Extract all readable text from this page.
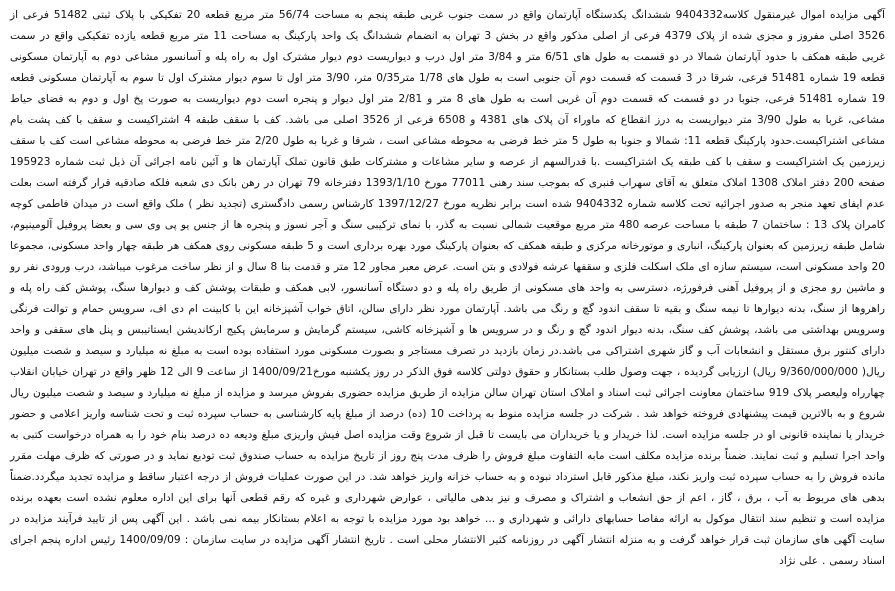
آگهی مزایده اموال غیرمنقول کلاسه9404332 ششدانگ یکدستگاه آپارتمان واقع در سمت جنوب غربی طبقه پنجم به مساحت 56/74 متر مربع قطعه 20 تفکیکی با پلاک ثبتی 51482 فرعی از 3526 اصلی مفروز و مجزی شده از پلاک 4379 فرعی از اصلی مذکور واقع در بخش 3 تهران به انضمام ششدانگ یک واحد پارکینگ به مساحت 11 متر مربع قطعه یازده تفکیکی واقع در سمت غربی طبقه همکف با حدود آپارتمان شمالا در دو قسمت به طول های 6/51 متر و 3/84 متر اول درب و دیواریست دوم دیوار مشترک اول به راه پله و آسانسور مشاعی دوم به آپارتمان مسکونی قطعه 19 شماره 51481 فرعی، شرقا در 3 قسمت که قسمت دوم آن جنوبی است به طول های 1/78 متر0/35 متر، 3/90 متر اول تا سوم دیوار مشترک اول تا سوم به آپارتمان مسکونی قطعه 19 شماره 51481 فرعی، جنوبا در دو قسمت که قسمت دوم آن غربی است به طول های 8 متر و 2/81 متر اول دیوار و پنجره است دوم دیواریست به صورت پخ اول و دوم به فضای حیاط مشاعی، غربا به طول 3/90 متر دیواریست به درز انقطاع که ماوراء آن پلاک های 4381 و 6508 فرعی از 3526 اصلی می باشد. کف با سقف طبقه 4 اشتراکیست و سقف با کف پشت بام مشاعی اشتراکیست.حدود پارکینگ قطعه 11: شمالا و جنوبا به طول 5 متر خط فرضی به محوطه مشاعی است ، شرقا و غربا به طول 2/20 متر خط فرضی به محوطه مشاعی است کف با سقف زیرزمین یک اشتراکیست و سقف با کف طبقه یک اشتراکیست .با قدرالسهم از عرصه و سایر مشاعات و مشترکات طبق قانون تملک آپارتمان ها و آئین نامه اجرائی آن ذیل ثبت شماره 195923 صفحه 200 دفتر املاک 1308 املاک متعلق به آقای سهراب قنبری که بموجب سند رهنی 77011 مورخ 1393/1/10 دفترخانه 79 تهران در رهن بانک دی شعبه فلکه صادقیه قرار گرفته است بعلت عدم ایفای تعهد منجر به صدور اجرائیه تحت کلاسه شماره 9404332 شده است برابر نظریه مورخ 1397/12/27 کارشناس رسمی دادگستری (تجدید نظر ) ملک واقع است در میدان فاطمی کوچه کامران پلاک 13 : ساختمان 7 طبقه با مساحت عرصه 480 متر مربع موقعیت شمالی نسبت به گذر، با نمای ترکیبی سنگ و آجر نسوز و پنجره ها از جنس یو پی وی سی و بعضا پروفیل آلومینیوم، شامل طبقه زیرزمین که بعنوان پارکینگ، انباری و موتورخانه مرکزی و طبقه همکف که بعنوان پارکینگ مورد بهره برداری است و 5 طبقه مسکونی روی همکف هر طبقه چهار واحد مسکونی، مجموعا 20 واحد مسکونی است، سیستم سازه ای ملک اسکلت فلزی و سقفها عرشه فولادی و بتن است. عرض معبر مجاور 12 متر و قدمت بنا 8 سال و از نظر ساخت مرغوب میباشد، درب ورودی نفر رو و ماشین رو مجزی و از پروفیل آهنی فرفورژه، دسترسی به واحد های مسکونی از طریق راه پله و دو دستگاه آسانسور، لابی همکف و طبقات پوشش کف و دیوارها سنگ، پوشش کف راه پله و راهروها از سنگ، بدنه دیوارها تا نیمه سنگ و بقیه تا سقف اندود گچ و رنگ می باشد. آپارتمان مورد نظر دارای سالن، اتاق خواب آشپزخانه این با کابینت ام دی اف، سرویس حمام و توالت فرنگی وسرویس بهداشتی می باشد، پوشش کف سنگ، بدنه دیوار اندود گچ و رنگ و در سرویس ها و آشپزخانه کاشی، سیستم گرمایش و سرمایش پکیج ارکاندیشن ایستاتیبس و پنل های سقفی و واحد دارای کنتور برق مستقل و انشعابات آب و گاز شهری اشتراکی می باشد.در زمان بازدید در تصرف مستاجر و بصورت مسکونی مورد استفاده بوده است به مبلغ نه میلیارد و سیصد و شصت میلیون ریال( 9/360/000/000 ریال) ارزیابی گردیده ، جهت وصول طلب بستانکار و حقوق دولتی کلاسه فوق الذکر در روز یکشنبه مورخ1400/09/21 از ساعت 9 الی 12 ظهر واقع در تهران خیابان انقلاب چهارراه ولیعصر پلاک 919 ساختمان معاونت اجرائی ثبت اسناد و املاک استان تهران سالن مزایده از طریق مزایده حضوری بفروش میرسد و مزایده از مبلغ نه میلیارد و سیصد و شصت میلیون ریال شروع و به بالاترین قیمت پیشنهادی فروخته خواهد شد . شرکت در جلسه مزایده منوط به پرداخت 10 (ده) درصد از مبلغ پایه کارشناسی به حساب سپرده ثبت و تحت شناسه واریز اعلامی و حضور خریدار یا نماینده قانونی او در جلسه مزایده است. لذا خریدار و یا خریداران می بایست تا قبل از شروع وقت مزایده اصل فیش واریزی مبلغ ودیعه ده درصد بنام خود را به همراه درخواست کتبی به واحد اجرا تسلیم و ثبت نمایند. ضمناً برنده مزایده مکلف است مابه التفاوت مبلغ فروش را ظرف مدت پنج روز از تاریخ مزایده به حساب صندوق ثبت تودیع نماید و در صورتی که ظرف مهلت مقرر مانده فروش را به حساب سپرده ثبت واریز نکند، مبلغ مذکور قابل استرداد نبوده و به حساب خزانه واریز خواهد شد. در این صورت عملیات فروش از درجه اعتبار ساقط و مزایده تجدید میگردد.ضمناً بدهی های مربوط به آب ، برق ، گاز ، اعم از حق انشعاب و اشتراک و مصرف و نیز بدهی مالیاتی ، عوارض شهرداری و غیره که رقم قطعی آنها برای این اداره معلوم نشده است بعهده برنده مزایده است و تنظیم سند انتقال موکول به ارائه مفاصا حسابهای دارائی و شهرداری و ... خواهد بود مورد مزایده با توجه به اعلام بستانکار بیمه نمی باشد . این آگهی پس از تایید فرآیند مزایده در سایت آگهی های سازمان ثبت قرار خواهد گرفت و به منزله انتشار آگهی در روزنامه کثیر الانتشار محلی است . تاریخ انتشار آگهی مزایده در سایت سازمان : 1400/09/09 رئیس اداره پنجم اجرای اسناد رسمی . علی نژاد
